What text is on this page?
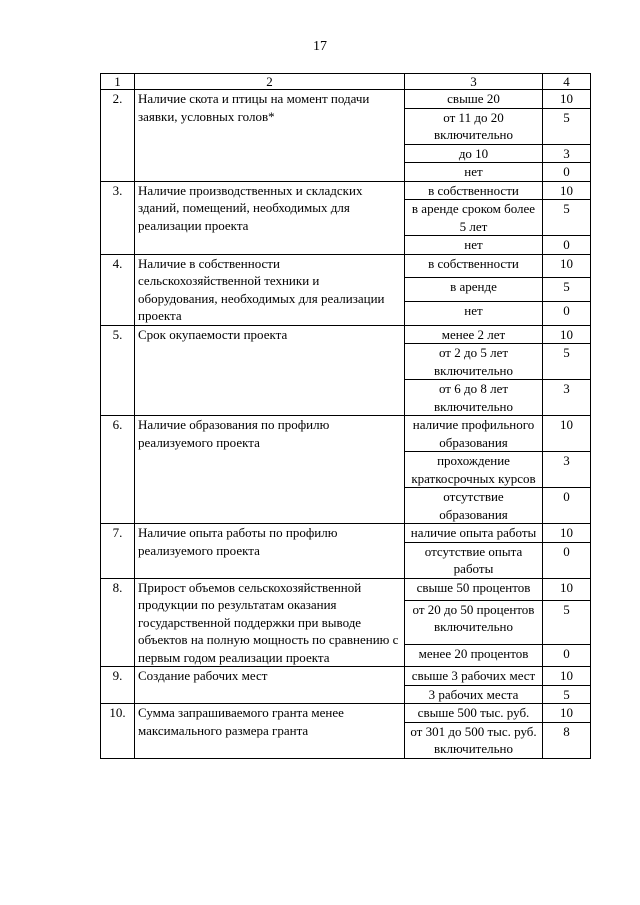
17
1	2	3	4
2.	Наличие скота и птицы на момент подачи заявки, условных голов*	свыше 20	10
		от 11 до 20 включительно	5
		до 10	3
		нет	0
3.	Наличие производственных и складских зданий, помещений, необходимых для реализации проекта	в собственности	10
		в аренде сроком более 5 лет	5
		нет	0
4.	Наличие в собственности сельскохозяйственной техники и оборудования, необходимых для реализации проекта	в собственности	10
		в аренде	5
		нет	0
5.	Срок окупаемости проекта	менее 2 лет	10
		от 2 до 5 лет включительно	5
		от 6 до 8 лет включительно	3
6.	Наличие образования по профилю реализуемого проекта	наличие профильного образования	10
		прохождение краткосрочных курсов	3
		отсутствие образования	0
7.	Наличие опыта работы по профилю реализуемого проекта	наличие опыта работы	10
		отсутствие опыта работы	0
8.	Прирост объемов сельскохозяйственной продукции по результатам оказания государственной поддержки при выводе объектов на полную мощность по сравнению с первым годом реализации проекта	свыше 50 процентов	10
		от 20 до 50 процентов включительно	5
		менее 20 процентов	0
9.	Создание рабочих мест	свыше 3 рабочих мест	10
		3 рабочих места	5
10.	Сумма запрашиваемого гранта менее максимального размера гранта	свыше 500 тыс. руб.	10
		от 301 до 500 тыс. руб. включительно	8
